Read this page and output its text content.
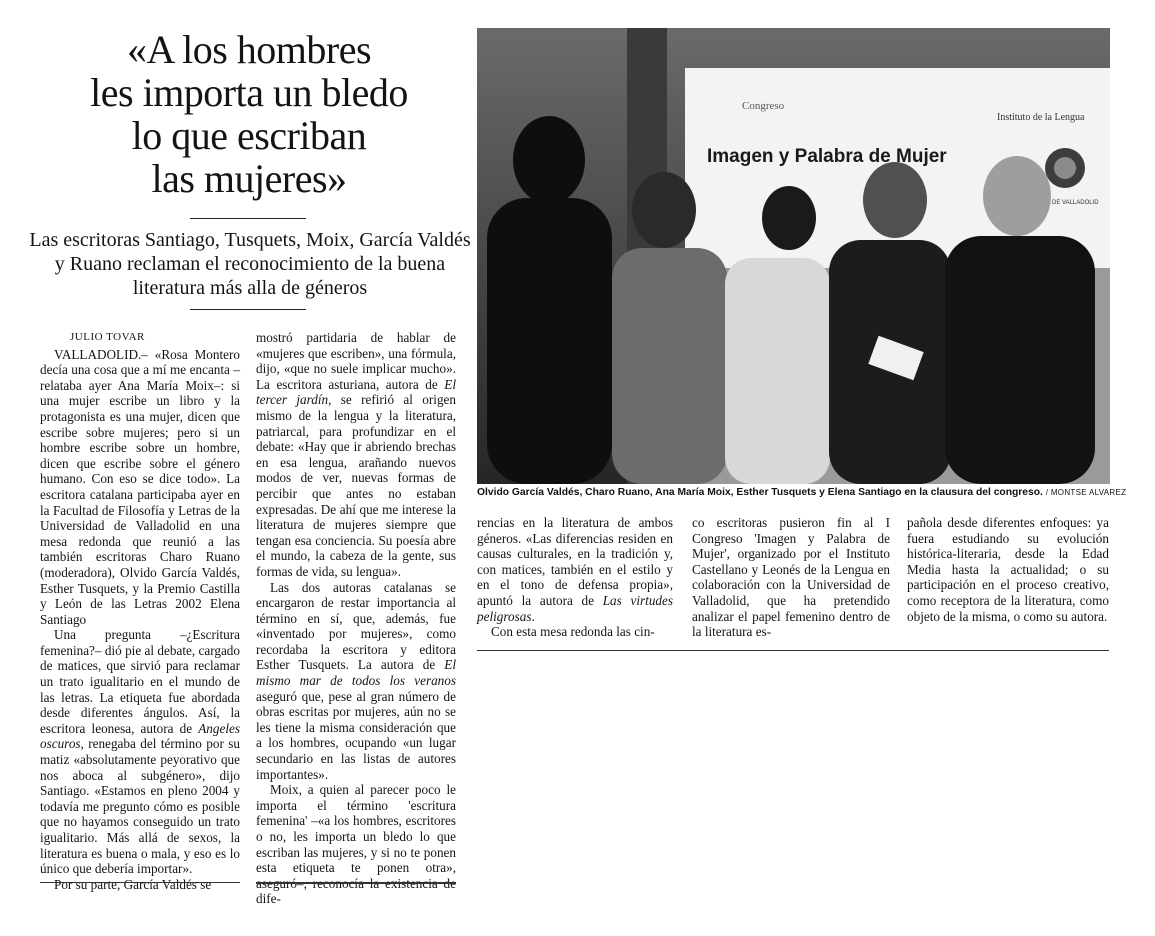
«A los hombres
les importa un bledo
lo que escriban
las mujeres»

Las escritoras Santiago, Tusquets, Moix, García Valdés y Ruano reclaman el reconocimiento de la buena literatura más alla de géneros

JULIO TOVAR

VALLADOLID.– «Rosa Montero decía una cosa que a mí me encanta –relataba ayer Ana María Moix–: si una mujer escribe un libro y la protagonista es una mujer, dicen que escribe sobre mujeres; pero si un hombre escribe sobre un hombre, dicen que escribe sobre el género humano. Con eso se dice todo». La escritora catalana participaba ayer en la Facultad de Filosofía y Letras de la Universidad de Valladolid en una mesa redonda que reunió a las también escritoras Charo Ruano (moderadora), Olvido García Valdés, Esther Tusquets, y la Premio Castilla y León de las Letras 2002 Elena Santiago

Una pregunta –¿Escritura femenina?– dió pie al debate, cargado de matices, que sirvió para reclamar un trato igualitario en el mundo de las letras. La etiqueta fue abordada desde diferentes ángulos. Así, la escritora leonesa, autora de Angeles oscuros, renegaba del término por su matiz «absolutamente peyorativo que nos aboca al subgénero», dijo Santiago. «Estamos en pleno 2004 y todavía me pregunto cómo es posible que no hayamos conseguido un trato igualitario. Más allá de sexos, la literatura es buena o mala, y eso es lo único que debería importar».

Por su parte, García Valdés se

mostró partidaria de hablar de «mujeres que escriben», una fórmula, dijo, «que no suele implicar mucho». La escritora asturiana, autora de El tercer jardín, se refirió al origen mismo de la lengua y la literatura, patriarcal, para profundizar en el debate: «Hay que ir abriendo brechas en esa lengua, arañando nuevos modos de ver, nuevas formas de percibir que antes no estaban expresadas. De ahí que me interese la literatura de mujeres siempre que tengan esa conciencia. Su poesía abre el mundo, la cabeza de la gente, sus formas de vida, su lengua».

Las dos autoras catalanas se encargaron de restar importancia al término en sí, que, además, fue «inventado por mujeres», como recordaba la escritora y editora Esther Tusquets. La autora de El mismo mar de todos los veranos aseguró que, pese al gran número de obras escritas por mujeres, aún no se les tiene la misma consideración que a los hombres, ocupando «un lugar secundario en las listas de autores importantes».

Moix, a quien al parecer poco le importa el término 'escritura femenina' –«a los hombres, escritores o no, les importa un bledo lo que escriban las mujeres, y si no te ponen esta etiqueta te ponen otra», aseguró–, reconocía la existencia de dife-

Congreso
Instituto de la Lengua
Imagen y Palabra de Mujer
DE VALLADOLID
Olvido García Valdés, Charo Ruano, Ana María Moix, Esther Tusquets y Elena Santiago en la clausura del congreso. / MONTSE ALVAREZ

rencias en la literatura de ambos géneros. «Las diferencias residen en causas culturales, en la tradición y, con matices, también en el estilo y en el tono de defensa propia», apuntó la autora de Las virtudes peligrosas.

Con esta mesa redonda las cin-

co escritoras pusieron fin al I Congreso 'Imagen y Palabra de Mujer', organizado por el Instituto Castellano y Leonés de la Lengua en colaboración con la Universidad de Valladolid, que ha pretendido analizar el papel femenino dentro de la literatura es-

pañola desde diferentes enfoques: ya fuera estudiando su evolución histórica-literaria, desde la Edad Media hasta la actualidad; o su participación en el proceso creativo, como receptora de la literatura, como objeto de la misma, o como su autora.
